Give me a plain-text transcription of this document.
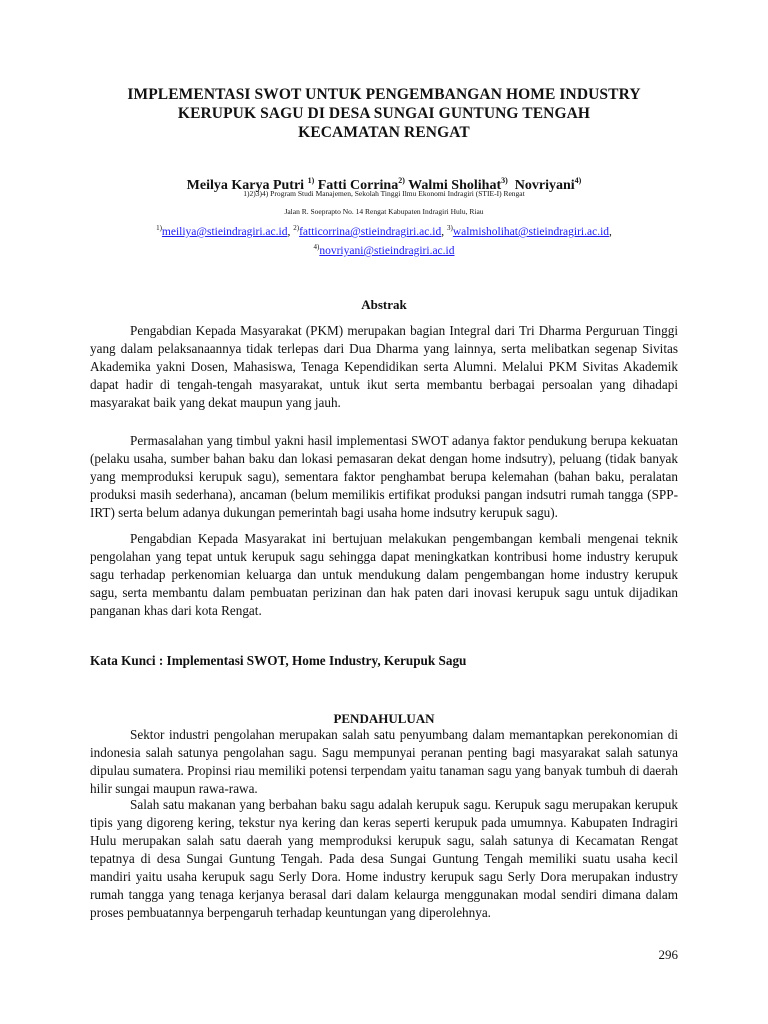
IMPLEMENTASI SWOT UNTUK PENGEMBANGAN HOME INDUSTRY
KERUPUK SAGU DI DESA SUNGAI GUNTUNG TENGAH
KECAMATAN RENGAT
Meilya Karya Putri $^{1)}$ Fatti Corrina$^{2)}$ Walmi Sholihat$^{3)}$  Novriyani$^{4)}$
1)2)3)4) Program Studi Manajemen, Sekolah Tinggi Ilmu Ekonomi Indragiri (STIE-I) Rengat
Jalan R. Soeprapto No. 14 Rengat Kabupaten Indragiri Hulu, Riau
$^{1)}$meiliya@stieindragiri.ac.id, $^{2)}$fatticorrina@stieindragiri.ac.id, $^{3)}$walmisholihat@stieindragiri.ac.id,
$^{4)}$novriyani@stieindragiri.ac.id
Abstrak

Pengabdian Kepada Masyarakat (PKM) merupakan bagian Integral dari Tri Dharma Perguruan Tinggi yang dalam pelaksanaannya tidak terlepas dari Dua Dharma yang lainnya, serta melibatkan segenap Sivitas Akademika yakni Dosen, Mahasiswa, Tenaga Kependidikan serta Alumni. Melalui PKM Sivitas Akademik dapat hadir di tengah-tengah masyarakat, untuk ikut serta membantu berbagai persoalan yang dihadapi masyarakat baik yang dekat maupun yang jauh.

Permasalahan yang timbul yakni hasil implementasi SWOT adanya faktor pendukung berupa kekuatan (pelaku usaha, sumber bahan baku dan lokasi pemasaran dekat dengan home indsutry), peluang (tidak banyak yang memproduksi kerupuk sagu), sementara faktor penghambat berupa kelemahan (bahan baku, peralatan produksi masih sederhana), ancaman (belum memilikis ertifikat produksi pangan indsutri rumah tangga (SPP-IRT) serta belum adanya dukungan pemerintah bagi usaha home indsutry kerupuk sagu).

Pengabdian Kepada Masyarakat ini bertujuan melakukan pengembangan kembali mengenai teknik pengolahan yang tepat untuk kerupuk sagu sehingga dapat meningkatkan kontribusi home industry kerupuk sagu terhadap perkenomian keluarga dan untuk mendukung dalam pengembangan home industry kerupuk sagu, serta membantu dalam pembuatan perizinan dan hak paten dari inovasi kerupuk sagu untuk dijadikan panganan khas dari kota Rengat.

Kata Kunci : Implementasi SWOT, Home Industry, Kerupuk Sagu
PENDAHULUAN

Sektor industri pengolahan merupakan salah satu penyumbang dalam memantapkan perekonomian di indonesia salah satunya pengolahan sagu. Sagu mempunyai peranan penting bagi masyarakat salah satunya dipulau sumatera. Propinsi riau memiliki potensi terpendam yaitu tanaman sagu yang banyak tumbuh di daerah hilir sungai maupun rawa-rawa.

Salah satu makanan yang berbahan baku sagu adalah kerupuk sagu. Kerupuk sagu merupakan kerupuk tipis yang digoreng kering, tekstur nya kering dan keras seperti kerupuk pada umumnya. Kabupaten Indragiri Hulu merupakan salah satu daerah yang memproduksi kerupuk sagu, salah satunya di Kecamatan Rengat tepatnya di desa Sungai Guntung Tengah. Pada desa Sungai Guntung Tengah memiliki suatu usaha kecil mandiri yaitu usaha kerupuk sagu Serly Dora. Home industry kerupuk sagu Serly Dora merupakan industry rumah tangga yang tenaga kerjanya berasal dari dalam kelaurga menggunakan modal sendiri dimana dalam proses pembuatannya berpengaruh terhadap keuntungan yang diperolehnya.

296
